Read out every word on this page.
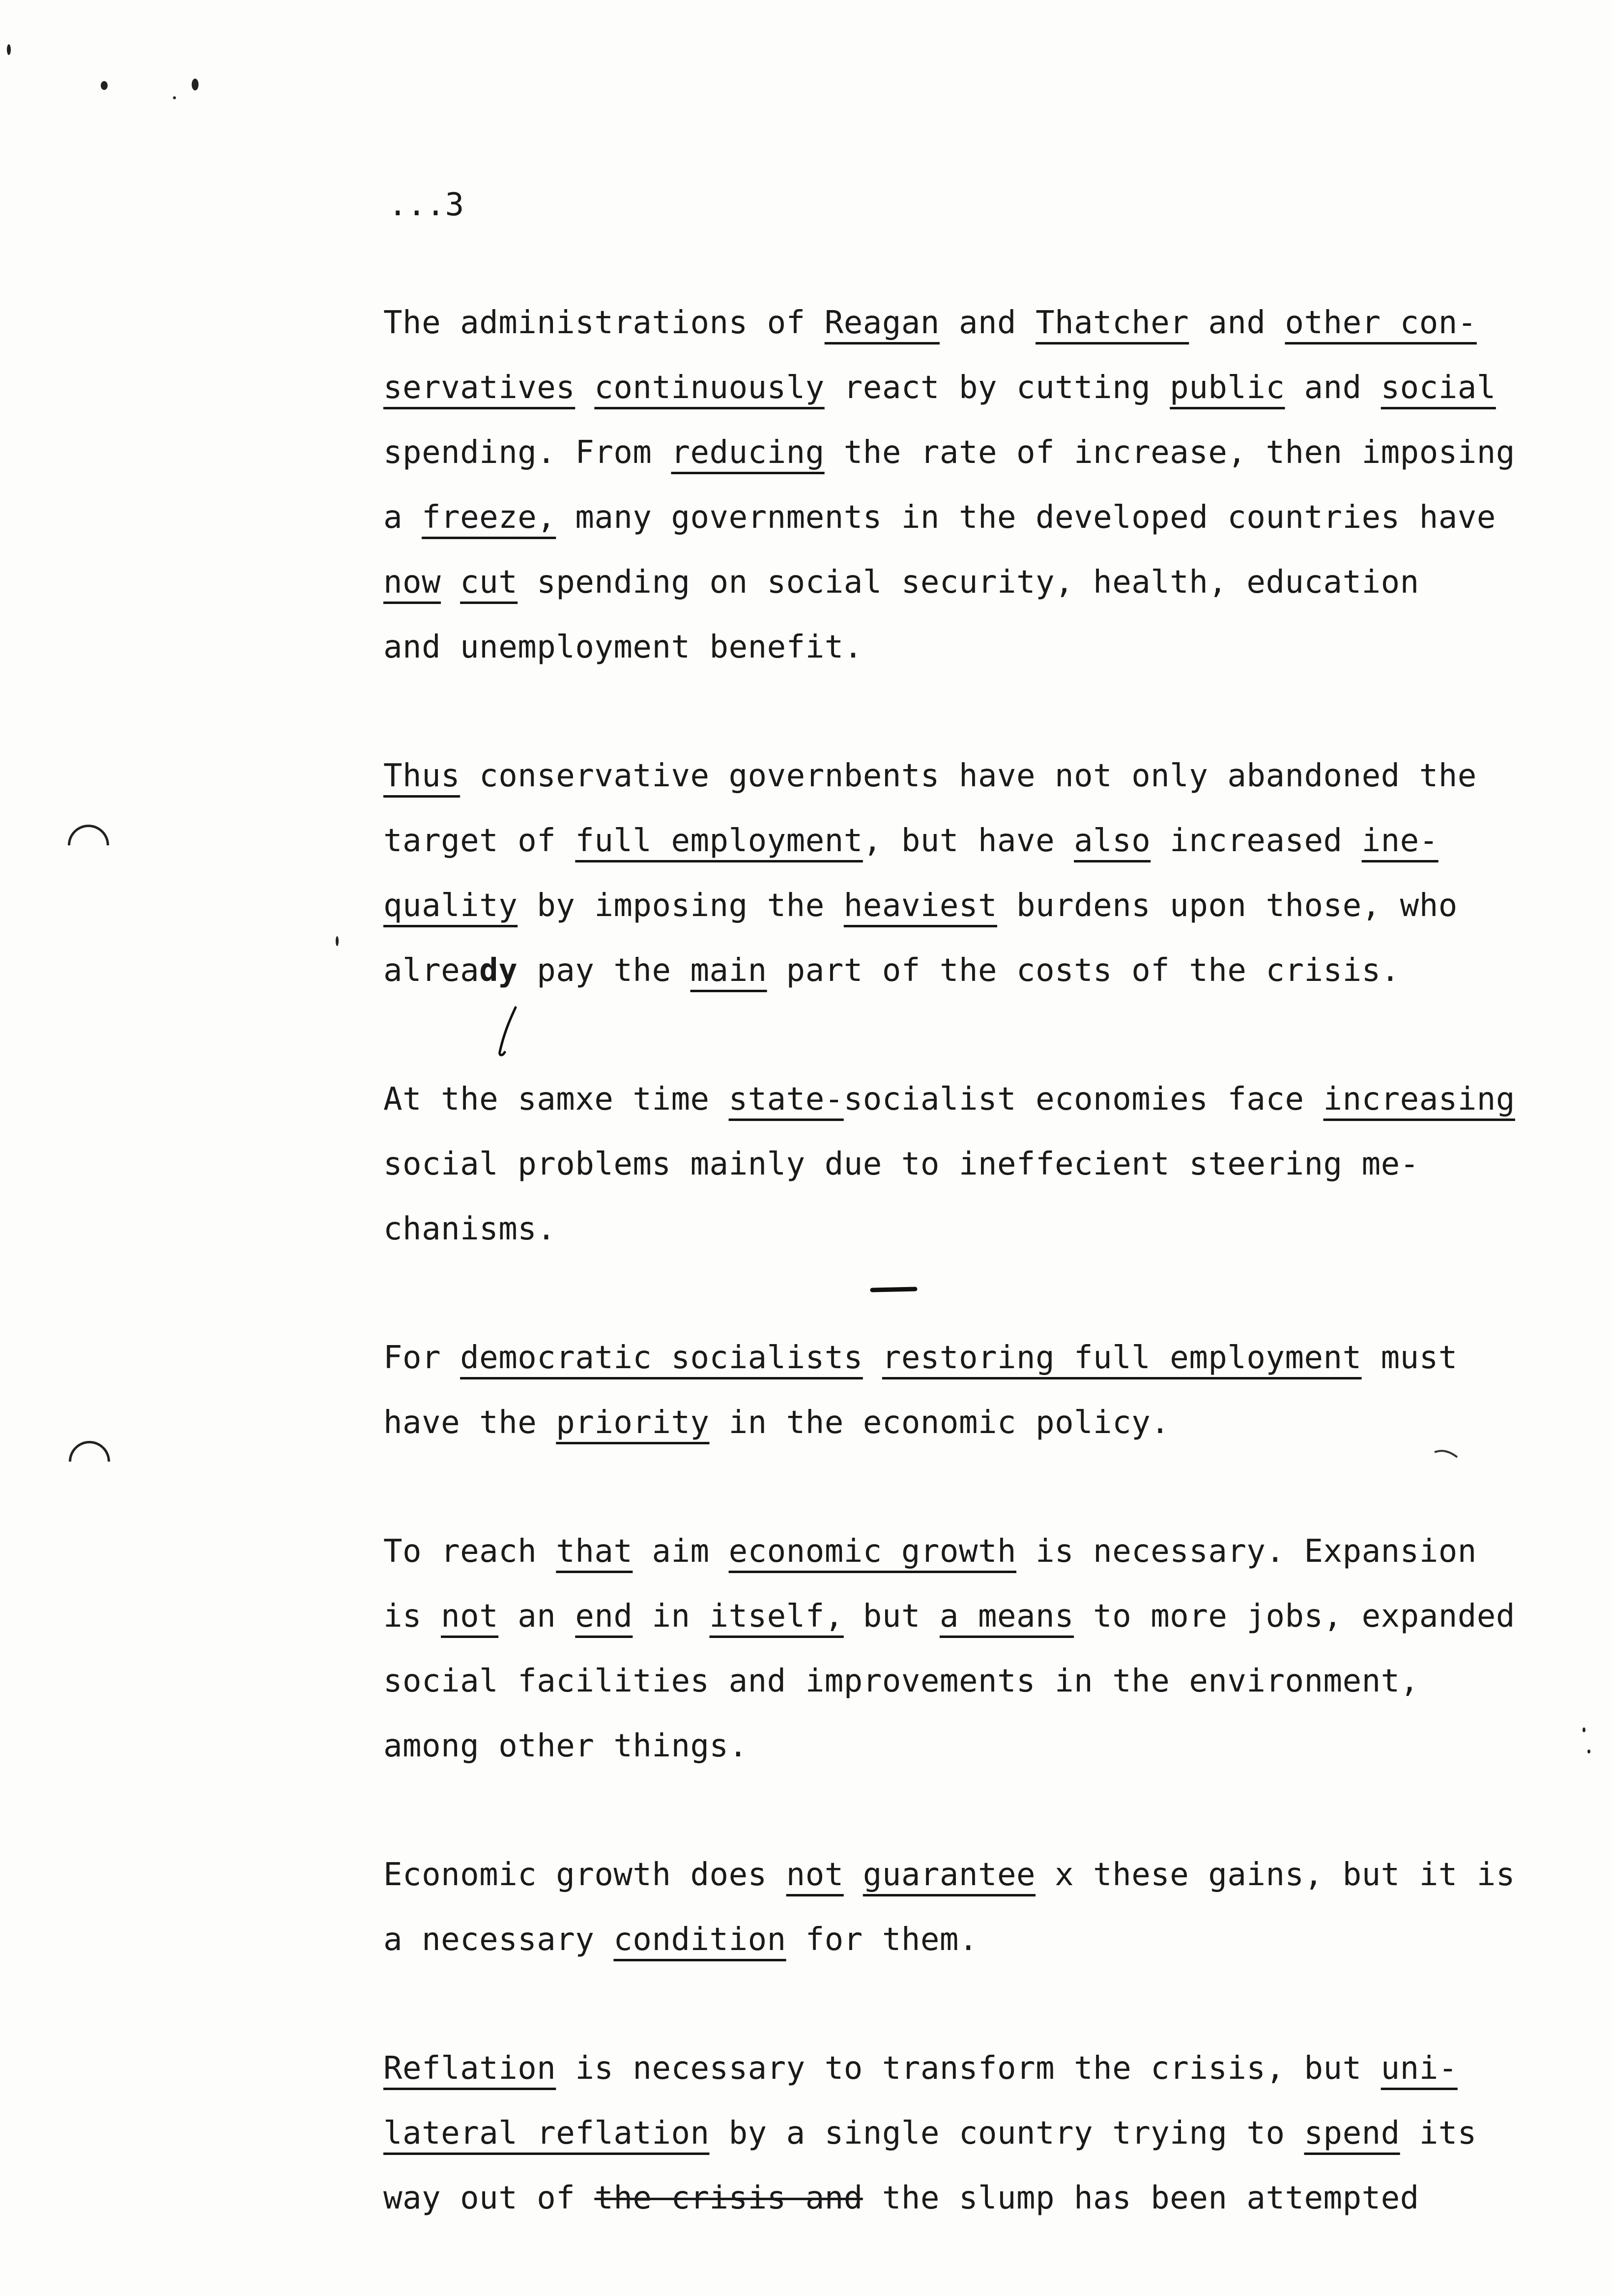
...3
The administrations of Reagan and Thatcher and other con-
servatives continuously react by cutting public and social
spending. From reducing the rate of increase, then imposing
a freeze, many governments in the developed countries have
now cut spending on social security, health, education
and unemployment benefit.
Thus conservative governbents have not only abandoned the
target of full employment, but have also increased ine-
quality by imposing the heaviest burdens upon those, who
already pay the main part of the costs of the crisis.
At the samxe time state-socialist economies face increasing
social problems mainly due to ineffecient steering me-
chanisms.
For democratic socialists restoring full employment must
have the priority in the economic policy.
To reach that aim economic growth is necessary. Expansion
is not an end in itself, but a means to more jobs, expanded
social facilities and improvements in the environment,
among other things.
Economic growth does not guarantee x these gains, but it is
a necessary condition for them.
Reflation is necessary to transform the crisis, but uni-
lateral reflation by a single country trying to spend its
way out of the crisis and the slump has been attempted
